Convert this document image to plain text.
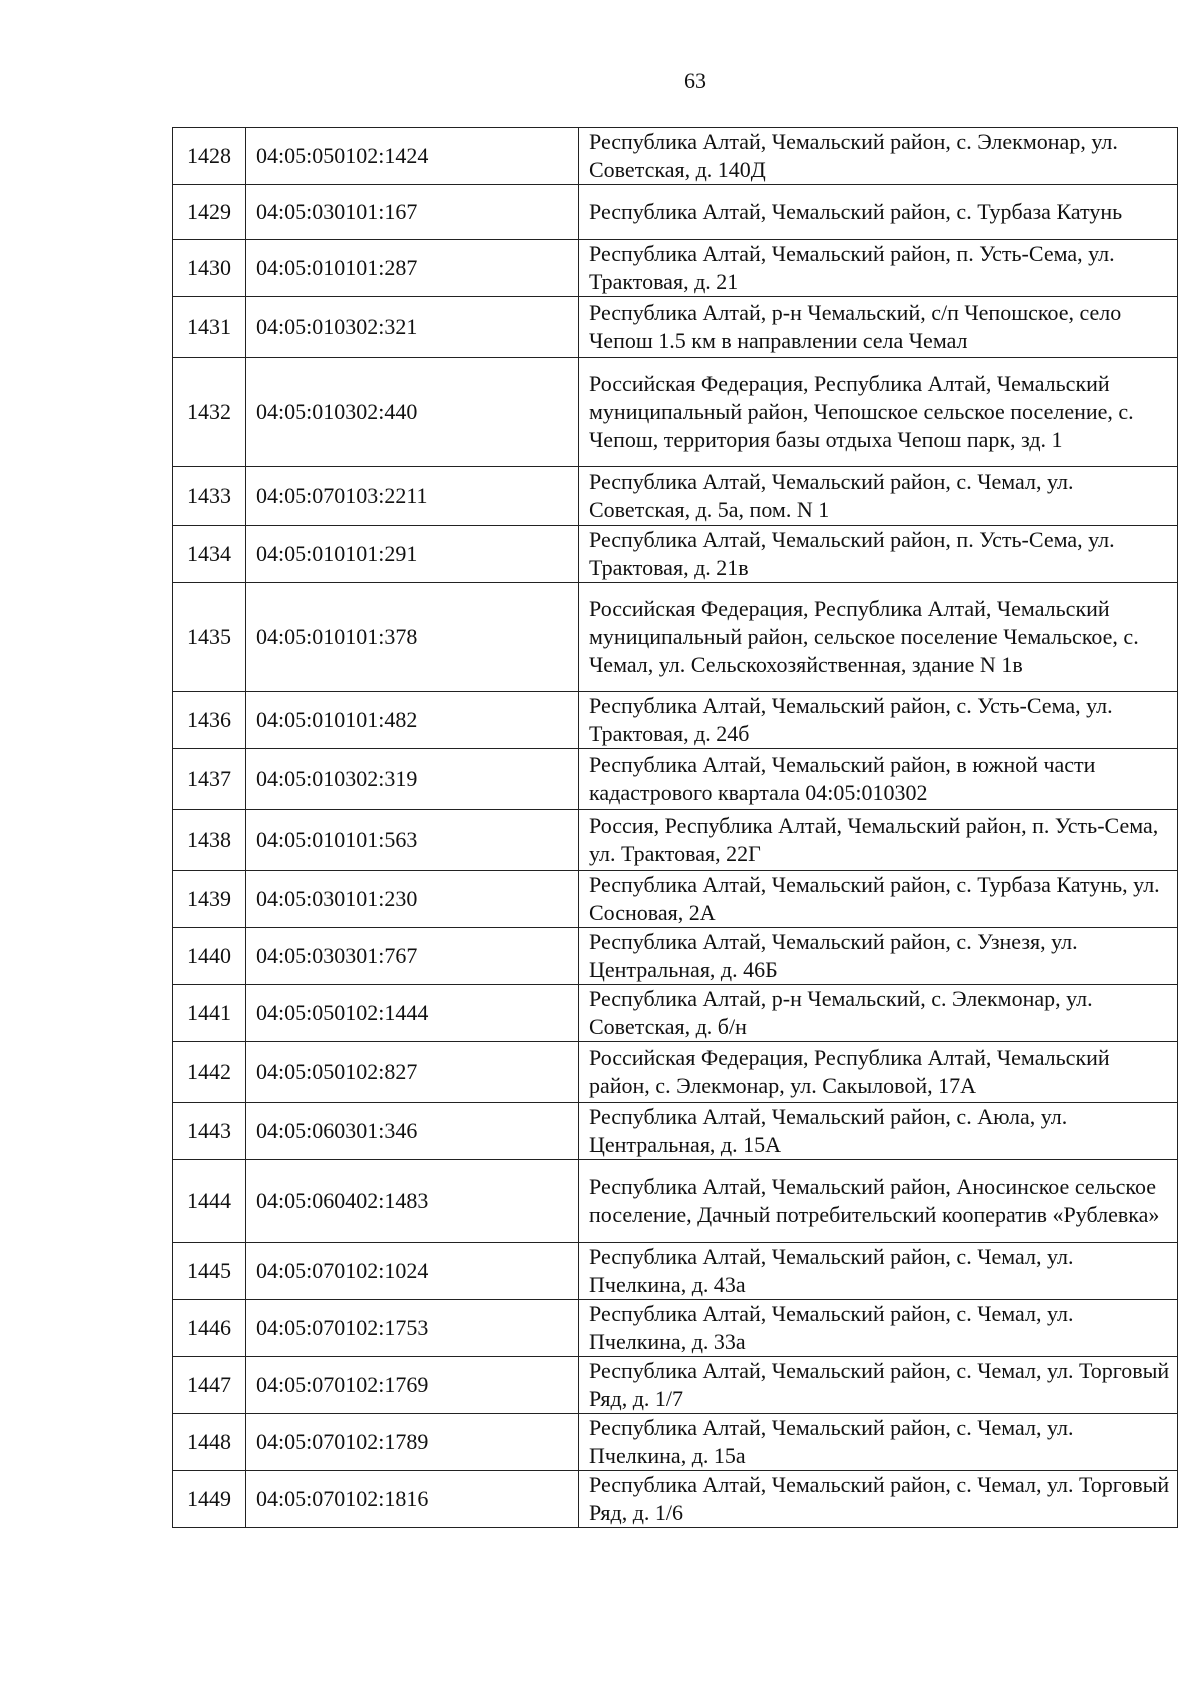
63
1428	04:05:050102:1424	Республика Алтай, Чемальский район, с. Элекмонар, ул. Советская, д. 140Д
1429	04:05:030101:167	Республика Алтай, Чемальский район, с. Турбаза Катунь
1430	04:05:010101:287	Республика Алтай, Чемальский район, п. Усть-Сема, ул. Трактовая, д. 21
1431	04:05:010302:321	Республика Алтай, р-н Чемальский, с/п Чепошское, село Чепош 1.5 км в направлении села Чемал
1432	04:05:010302:440	Российская Федерация, Республика Алтай, Чемальский муниципальный район, Чепошское сельское поселение, с. Чепош, территория базы отдыха Чепош парк, зд. 1
1433	04:05:070103:2211	Республика Алтай, Чемальский район, с. Чемал, ул. Советская, д. 5а, пом. N 1
1434	04:05:010101:291	Республика Алтай, Чемальский район, п. Усть-Сема, ул. Трактовая, д. 21в
1435	04:05:010101:378	Российская Федерация, Республика Алтай, Чемальский муниципальный район, сельское поселение Чемальское, с. Чемал, ул. Сельскохозяйственная, здание N 1в
1436	04:05:010101:482	Республика Алтай, Чемальский район, с. Усть-Сема, ул. Трактовая, д. 24б
1437	04:05:010302:319	Республика Алтай, Чемальский район, в южной части кадастрового квартала 04:05:010302
1438	04:05:010101:563	Россия, Республика Алтай, Чемальский район, п. Усть-Сема, ул. Трактовая, 22Г
1439	04:05:030101:230	Республика Алтай, Чемальский район, с. Турбаза Катунь, ул. Сосновая, 2А
1440	04:05:030301:767	Республика Алтай, Чемальский район, с. Узнезя, ул. Центральная, д. 46Б
1441	04:05:050102:1444	Республика Алтай, р-н Чемальский, с. Элекмонар, ул. Советская, д. б/н
1442	04:05:050102:827	Российская Федерация, Республика Алтай, Чемальский район, с. Элекмонар, ул. Сакыловой, 17А
1443	04:05:060301:346	Республика Алтай, Чемальский район, с. Аюла, ул. Центральная, д. 15А
1444	04:05:060402:1483	Республика Алтай, Чемальский район, Аносинское сельское поселение, Дачный потребительский кооператив «Рублевка»
1445	04:05:070102:1024	Республика Алтай, Чемальский район, с. Чемал, ул. Пчелкина, д. 43а
1446	04:05:070102:1753	Республика Алтай, Чемальский район, с. Чемал, ул. Пчелкина, д. 33а
1447	04:05:070102:1769	Республика Алтай, Чемальский район, с. Чемал, ул. Торговый Ряд, д. 1/7
1448	04:05:070102:1789	Республика Алтай, Чемальский район, с. Чемал, ул. Пчелкина, д. 15а
1449	04:05:070102:1816	Республика Алтай, Чемальский район, с. Чемал, ул. Торговый Ряд, д. 1/6
